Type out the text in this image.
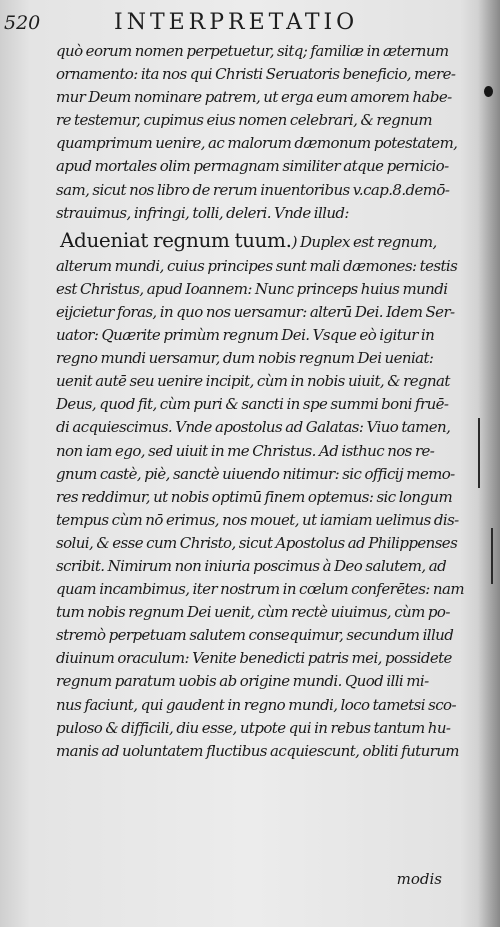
520	INTERPRETATIO
quò eorum nomen perpetuetur, sitq; familiæ in æternum
ornamento: ita nos qui Christi Seruatoris beneficio, mere-
mur Deum nominare patrem, ut erga eum amorem habe-
re testemur, cupimus eius nomen celebrari, & regnum
quamprimum uenire, ac malorum dæmonum potestatem,
apud mortales olim permagnam similiter atque pernicio-
sam, sicut nos libro de rerum inuentoribus v.cap.8.demō-
strauimus, infringi, tolli, deleri. Vnde illud:
Adueniat regnum tuum.) Duplex est regnum,
alterum mundi, cuius principes sunt mali dæmones: testis
est Christus, apud Ioannem: Nunc princeps huius mundi
eijcietur foras, in quo nos uersamur: alterū Dei. Idem Ser-
uator: Quærite primùm regnum Dei. Vsque eò igitur in
regno mundi uersamur, dum nobis regnum Dei ueniat:
uenit autē seu uenire incipit, cùm in nobis uiuit, & regnat
Deus, quod fit, cùm puri & sancti in spe summi boni fruē-
di acquiescimus. Vnde apostolus ad Galatas: Viuo tamen,
non iam ego, sed uiuit in me Christus. Ad isthuc nos re-
gnum castè, piè, sanctè uiuendo nitimur: sic officij memo-
res reddimur, ut nobis optimū finem optemus: sic longum
tempus cùm nō erimus, nos mouet, ut iamiam uelimus dis-
solui, & esse cum Christo, sicut Apostolus ad Philippenses
scribit. Nimirum non iniuria poscimus à Deo salutem, ad
quam incambimus, iter nostrum in cœlum conferētes: nam
tum nobis regnum Dei uenit, cùm rectè uiuimus, cùm po-
stremò perpetuam salutem consequimur, secundum illud
diuinum oraculum: Venite benedicti patris mei, possidete
regnum paratum uobis ab origine mundi. Quod illi mi-
nus faciunt, qui gaudent in regno mundi, loco tametsi sco-
puloso & difficili, diu esse, utpote qui in rebus tantum hu-
manis ad uoluntatem fluctibus acquiescunt, obliti futurum
modis
